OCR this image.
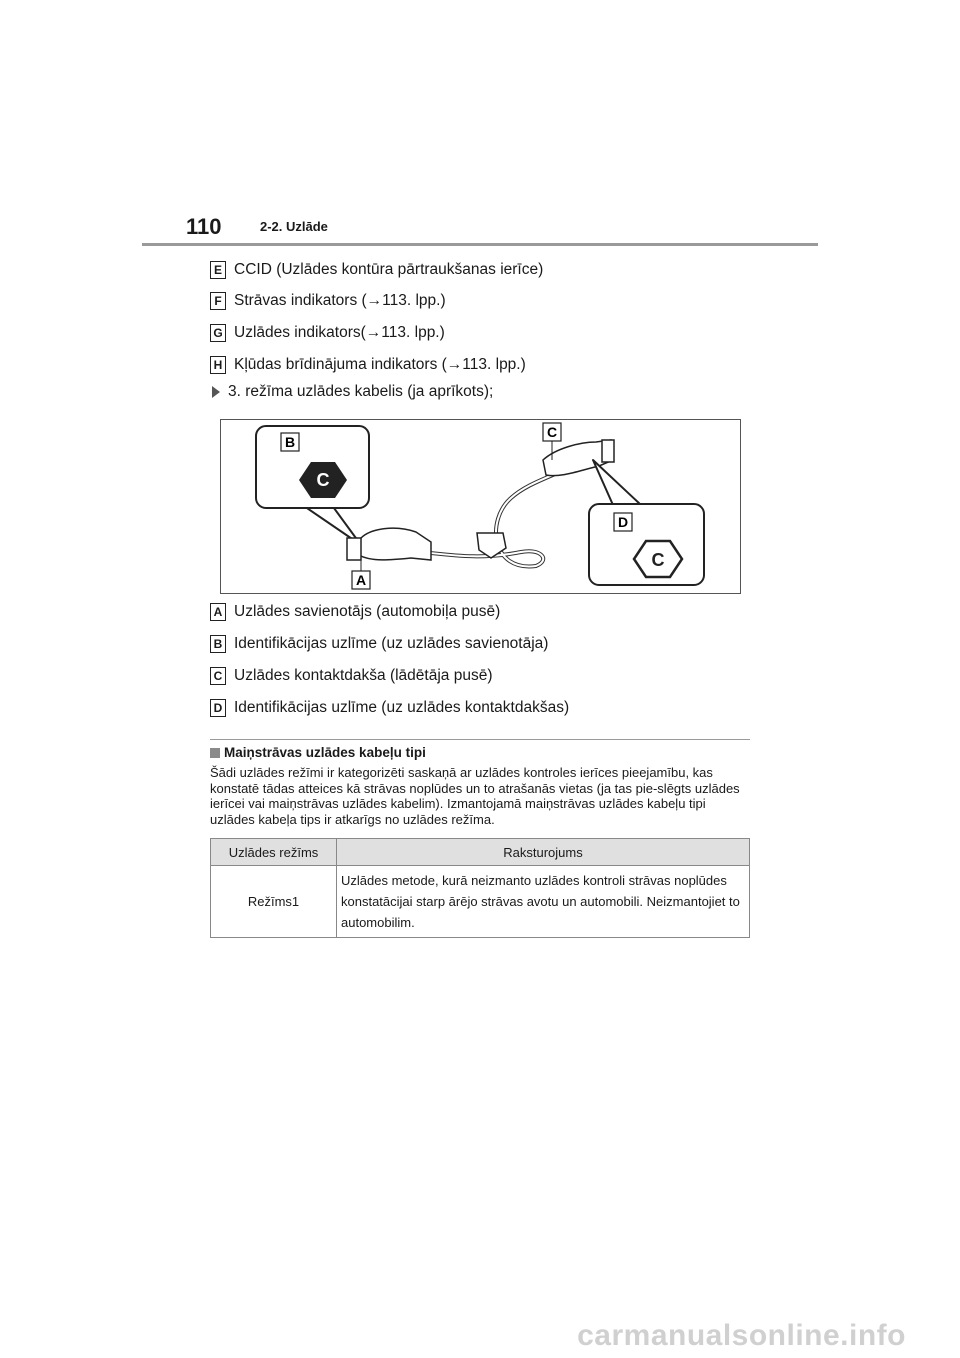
110	2-2. Uzlāde
E CCID (Uzlādes kontūra pārtraukšanas ierīce)
F Strāvas indikators (→113. lpp.)
G Uzlādes indikators(→113. lpp.)
H Kļūdas brīdinājuma indikators (→113. lpp.)
3. režīma uzlādes kabelis (ja aprīkots);
B
C
A
C
D
C
A Uzlādes savienotājs (automobiļa pusē)
B Identifikācijas uzlīme (uz uzlādes savienotāja)
C Uzlādes kontaktdakša (lādētāja pusē)
D Identifikācijas uzlīme (uz uzlādes kontaktdakšas)
Maiņstrāvas uzlādes kabeļu tipi
Šādi uzlādes režīmi ir kategorizēti saskaņā ar uzlādes kontroles ierīces pieejamību, kas konstatē tādas atteices kā strāvas noplūdes un to atrašanās vietas (ja tas pie-slēgts uzlādes ierīcei vai maiņstrāvas uzlādes kabelim). Izmantojamā maiņstrāvas uzlādes kabeļu tipi uzlādes kabeļa tips ir atkarīgs no uzlādes režīma.
Uzlādes režīms	Raksturojums
Režīms1	Uzlādes metode, kurā neizmanto uzlādes kontroli strāvas noplūdes konstatācijai starp ārējo strāvas avotu un automobili. Neizmantojiet to automobilim.
carmanualsonline.info
